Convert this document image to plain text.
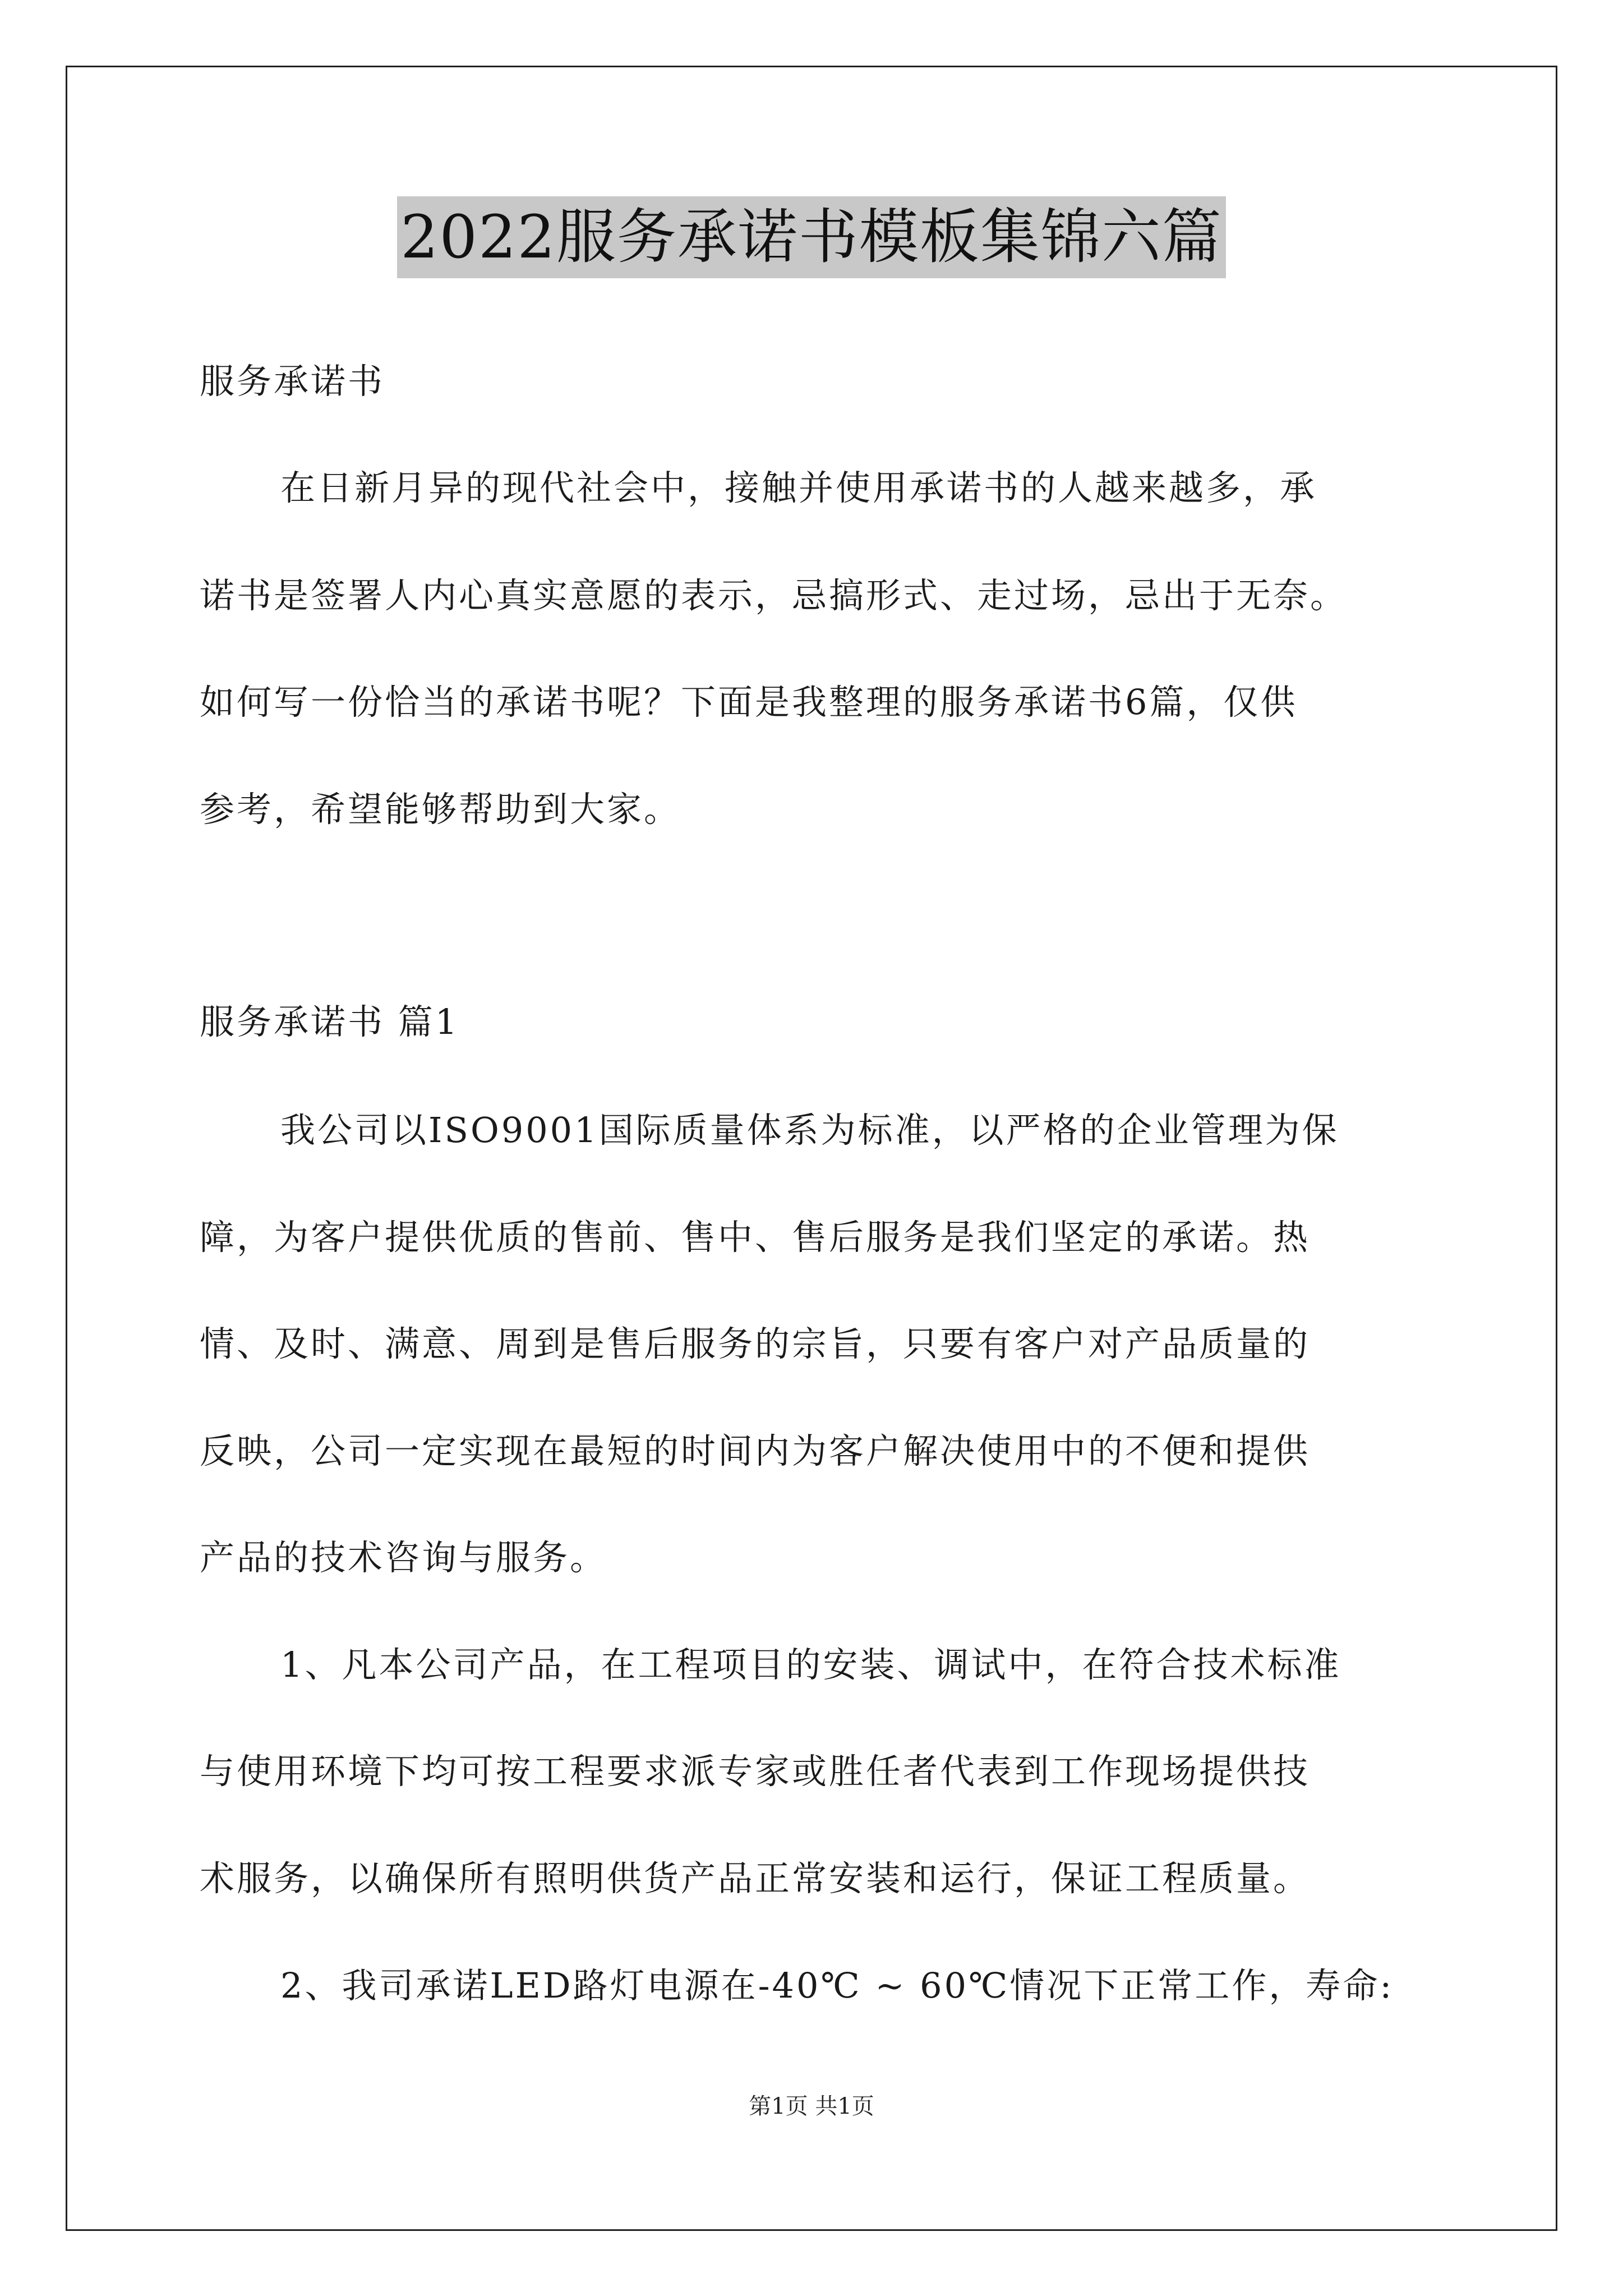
2022服务承诺书模板集锦六篇
服务承诺书
在日新月异的现代社会中，接触并使用承诺书的人越来越多，承
诺书是签署人内心真实意愿的表示，忌搞形式、走过场，忌出于无奈。
如何写一份恰当的承诺书呢？下面是我整理的服务承诺书6篇，仅供
参考，希望能够帮助到大家。
服务承诺书 篇1
我公司以ISO9001国际质量体系为标准，以严格的企业管理为保
障，为客户提供优质的售前、售中、售后服务是我们坚定的承诺。热
情、及时、满意、周到是售后服务的宗旨，只要有客户对产品质量的
反映，公司一定实现在最短的时间内为客户解决使用中的不便和提供
产品的技术咨询与服务。
1、凡本公司产品，在工程项目的安装、调试中，在符合技术标准
与使用环境下均可按工程要求派专家或胜任者代表到工作现场提供技
术服务，以确保所有照明供货产品正常安装和运行，保证工程质量。
2、我司承诺LED路灯电源在-40℃ ~ 60℃情况下正常工作，寿命:
第1页 共1页
